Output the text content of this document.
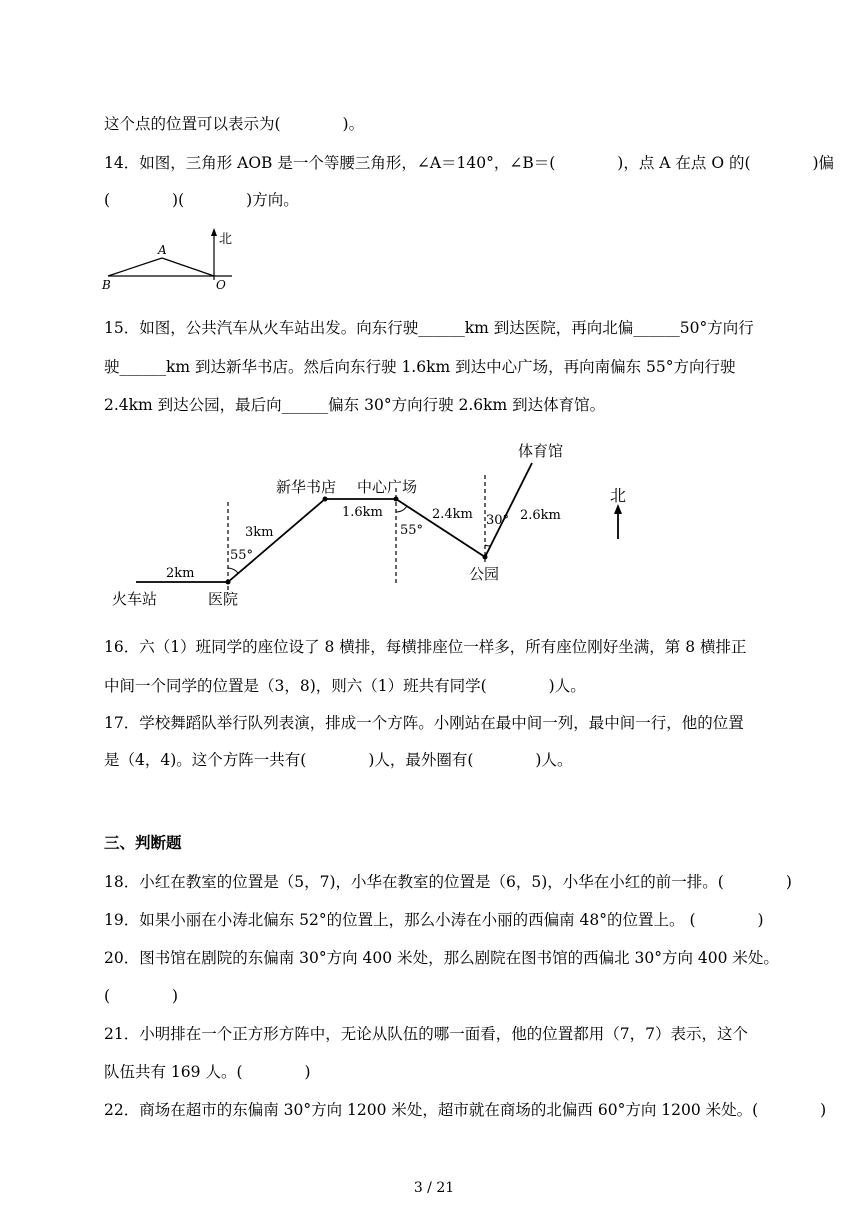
这个点的位置可以表示为(　　　　)。
14．如图，三角形 AOB 是一个等腰三角形，∠A＝140°，∠B＝(　　　　)，点 A 在点 O 的(　　　　)偏
(　　　　)(　　　　)方向。
北
A
B	O
15．如图，公共汽车从火车站出发。向东行驶______km 到达医院，再向北偏______50°方向行
驶______km 到达新华书店。然后向东行驶 1.6km 到达中心广场，再向南偏东 55°方向行驶
2.4km 到达公园，最后向______偏东 30°方向行驶 2.6km 到达体育馆。
北
火车站	医院
新华书店 中心广场
公园
体育馆
2km
3km
1.6km	2.4km	2.6km
55°
55°
30°
16．六（1）班同学的座位设了 8 横排，每横排座位一样多，所有座位刚好坐满，第 8 横排正
中间一个同学的位置是（3，8)，则六（1）班共有同学(　　　　)人。
17．学校舞蹈队举行队列表演，排成一个方阵。小刚站在最中间一列，最中间一行，他的位置
是（4，4)。这个方阵一共有(　　　　)人，最外圈有(　　　　)人。
三、判断题
18．小红在教室的位置是（5，7)，小华在教室的位置是（6，5)，小华在小红的前一排。(　　　　)
19．如果小丽在小涛北偏东 52°的位置上，那么小涛在小丽的西偏南 48°的位置上。 (　　　　)
20．图书馆在剧院的东偏南 30°方向 400 米处，那么剧院在图书馆的西偏北 30°方向 400 米处。
(　　　　)
21．小明排在一个正方形方阵中，无论从队伍的哪一面看，他的位置都用（7，7）表示，这个
队伍共有 169 人。(　　　　)
22．商场在超市的东偏南 30°方向 1200 米处，超市就在商场的北偏西 60°方向 1200 米处。(　　　　)
3 / 21
